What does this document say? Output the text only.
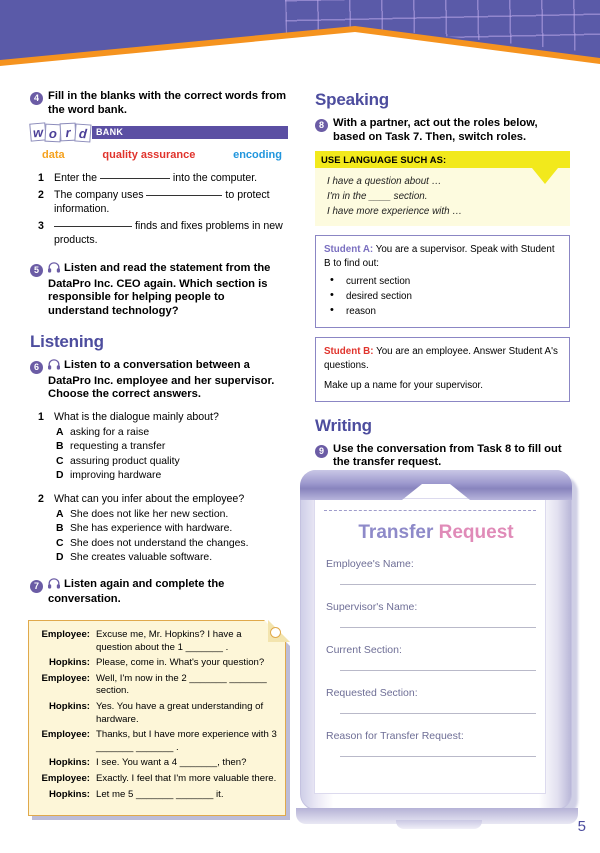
4 Fill in the blanks with the correct words from the word bank.
BANK
w o r d
data	quality assurance	encoding
1 Enter the	into the computer.
2 The company uses	to protect information.
3	finds and fixes problems in new products.
5	Listen and read the statement from the DataPro Inc. CEO again. Which section is responsible for helping people to understand technology?
Listening
6	Listen to a conversation between a DataPro Inc. employee and her supervisor. Choose the correct answers.
1 What is the dialogue mainly about?
A asking for a raise
B requesting a transfer
C assuring product quality
D improving hardware
2 What can you infer about the employee?
A She does not like her new section.
B She has experience with hardware.
C She does not understand the changes.
D She creates valuable software.
7	Listen again and complete the conversation.
Employee: Excuse me, Mr. Hopkins? I have a question about the 1 _______ .
Hopkins: Please, come in. What's your question?
Employee: Well, I'm now in the 2 _______ _______ section.
Hopkins: Yes. You have a great understanding of hardware.
Employee: Thanks, but I have more experience with 3 _______ _______ .
Hopkins: I see. You want a 4 _______, then?
Employee: Exactly. I feel that I'm more valuable there.
Hopkins: Let me 5 _______ _______ it.
Speaking
8 With a partner, act out the roles below, based on Task 7. Then, switch roles.
USE LANGUAGE SUCH AS:

I have a question about …

I'm in the ____ section.

I have more experience with …

Student A: You are a supervisor. Speak with Student B to find out:
• current section
• desired section
• reason
Student B: You are an employee. Answer Student A's questions.
Make up a name for your supervisor.
Writing
9 Use the conversation from Task 8 to fill out the transfer request.
Transfer Request
Employee's Name:
Supervisor's Name:
Current Section:
Requested Section:
Reason for Transfer Request:
5
